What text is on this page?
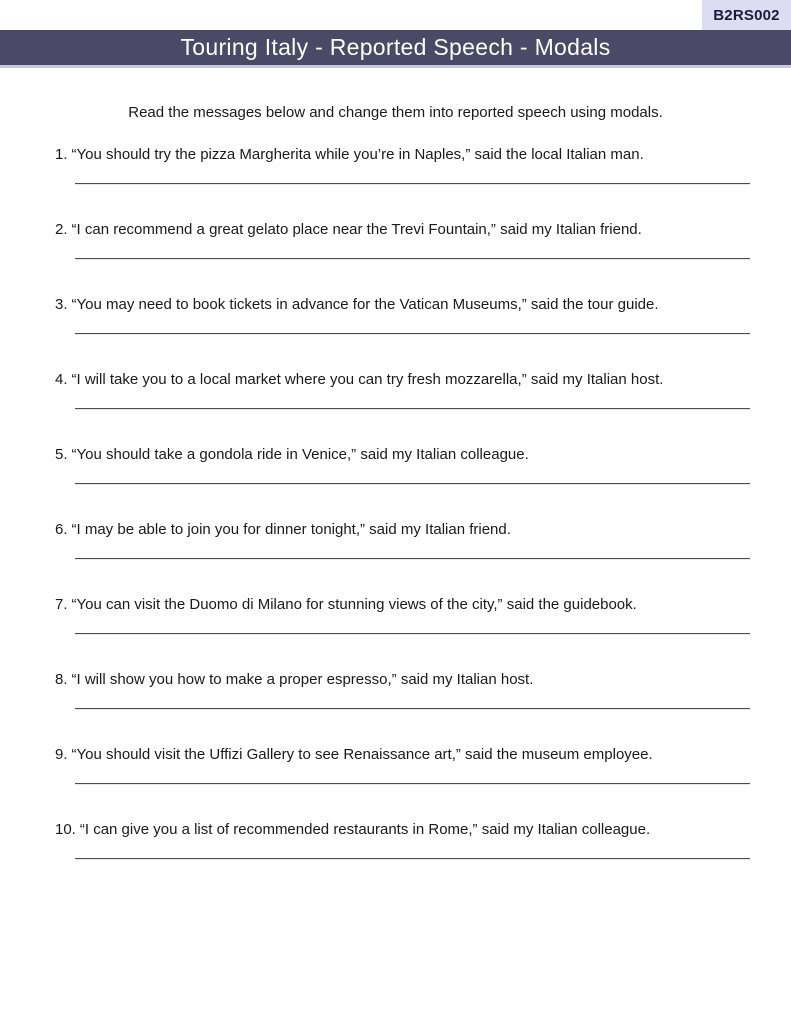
B2RS002
Touring Italy - Reported Speech - Modals
Read the messages below and change them into reported speech using modals.
1. “You should try the pizza Margherita while you’re in Naples,” said the local Italian man.
2. “I can recommend a great gelato place near the Trevi Fountain,” said my Italian friend.
3. “You may need to book tickets in advance for the Vatican Museums,” said the tour guide.
4. “I will take you to a local market where you can try fresh mozzarella,” said my Italian host.
5. “You should take a gondola ride in Venice,” said my Italian colleague.
6. “I may be able to join you for dinner tonight,” said my Italian friend.
7. “You can visit the Duomo di Milano for stunning views of the city,” said the guidebook.
8. “I will show you how to make a proper espresso,” said my Italian host.
9. “You should visit the Uffizi Gallery to see Renaissance art,” said the museum employee.
10. “I can give you a list of recommended restaurants in Rome,” said my Italian colleague.
